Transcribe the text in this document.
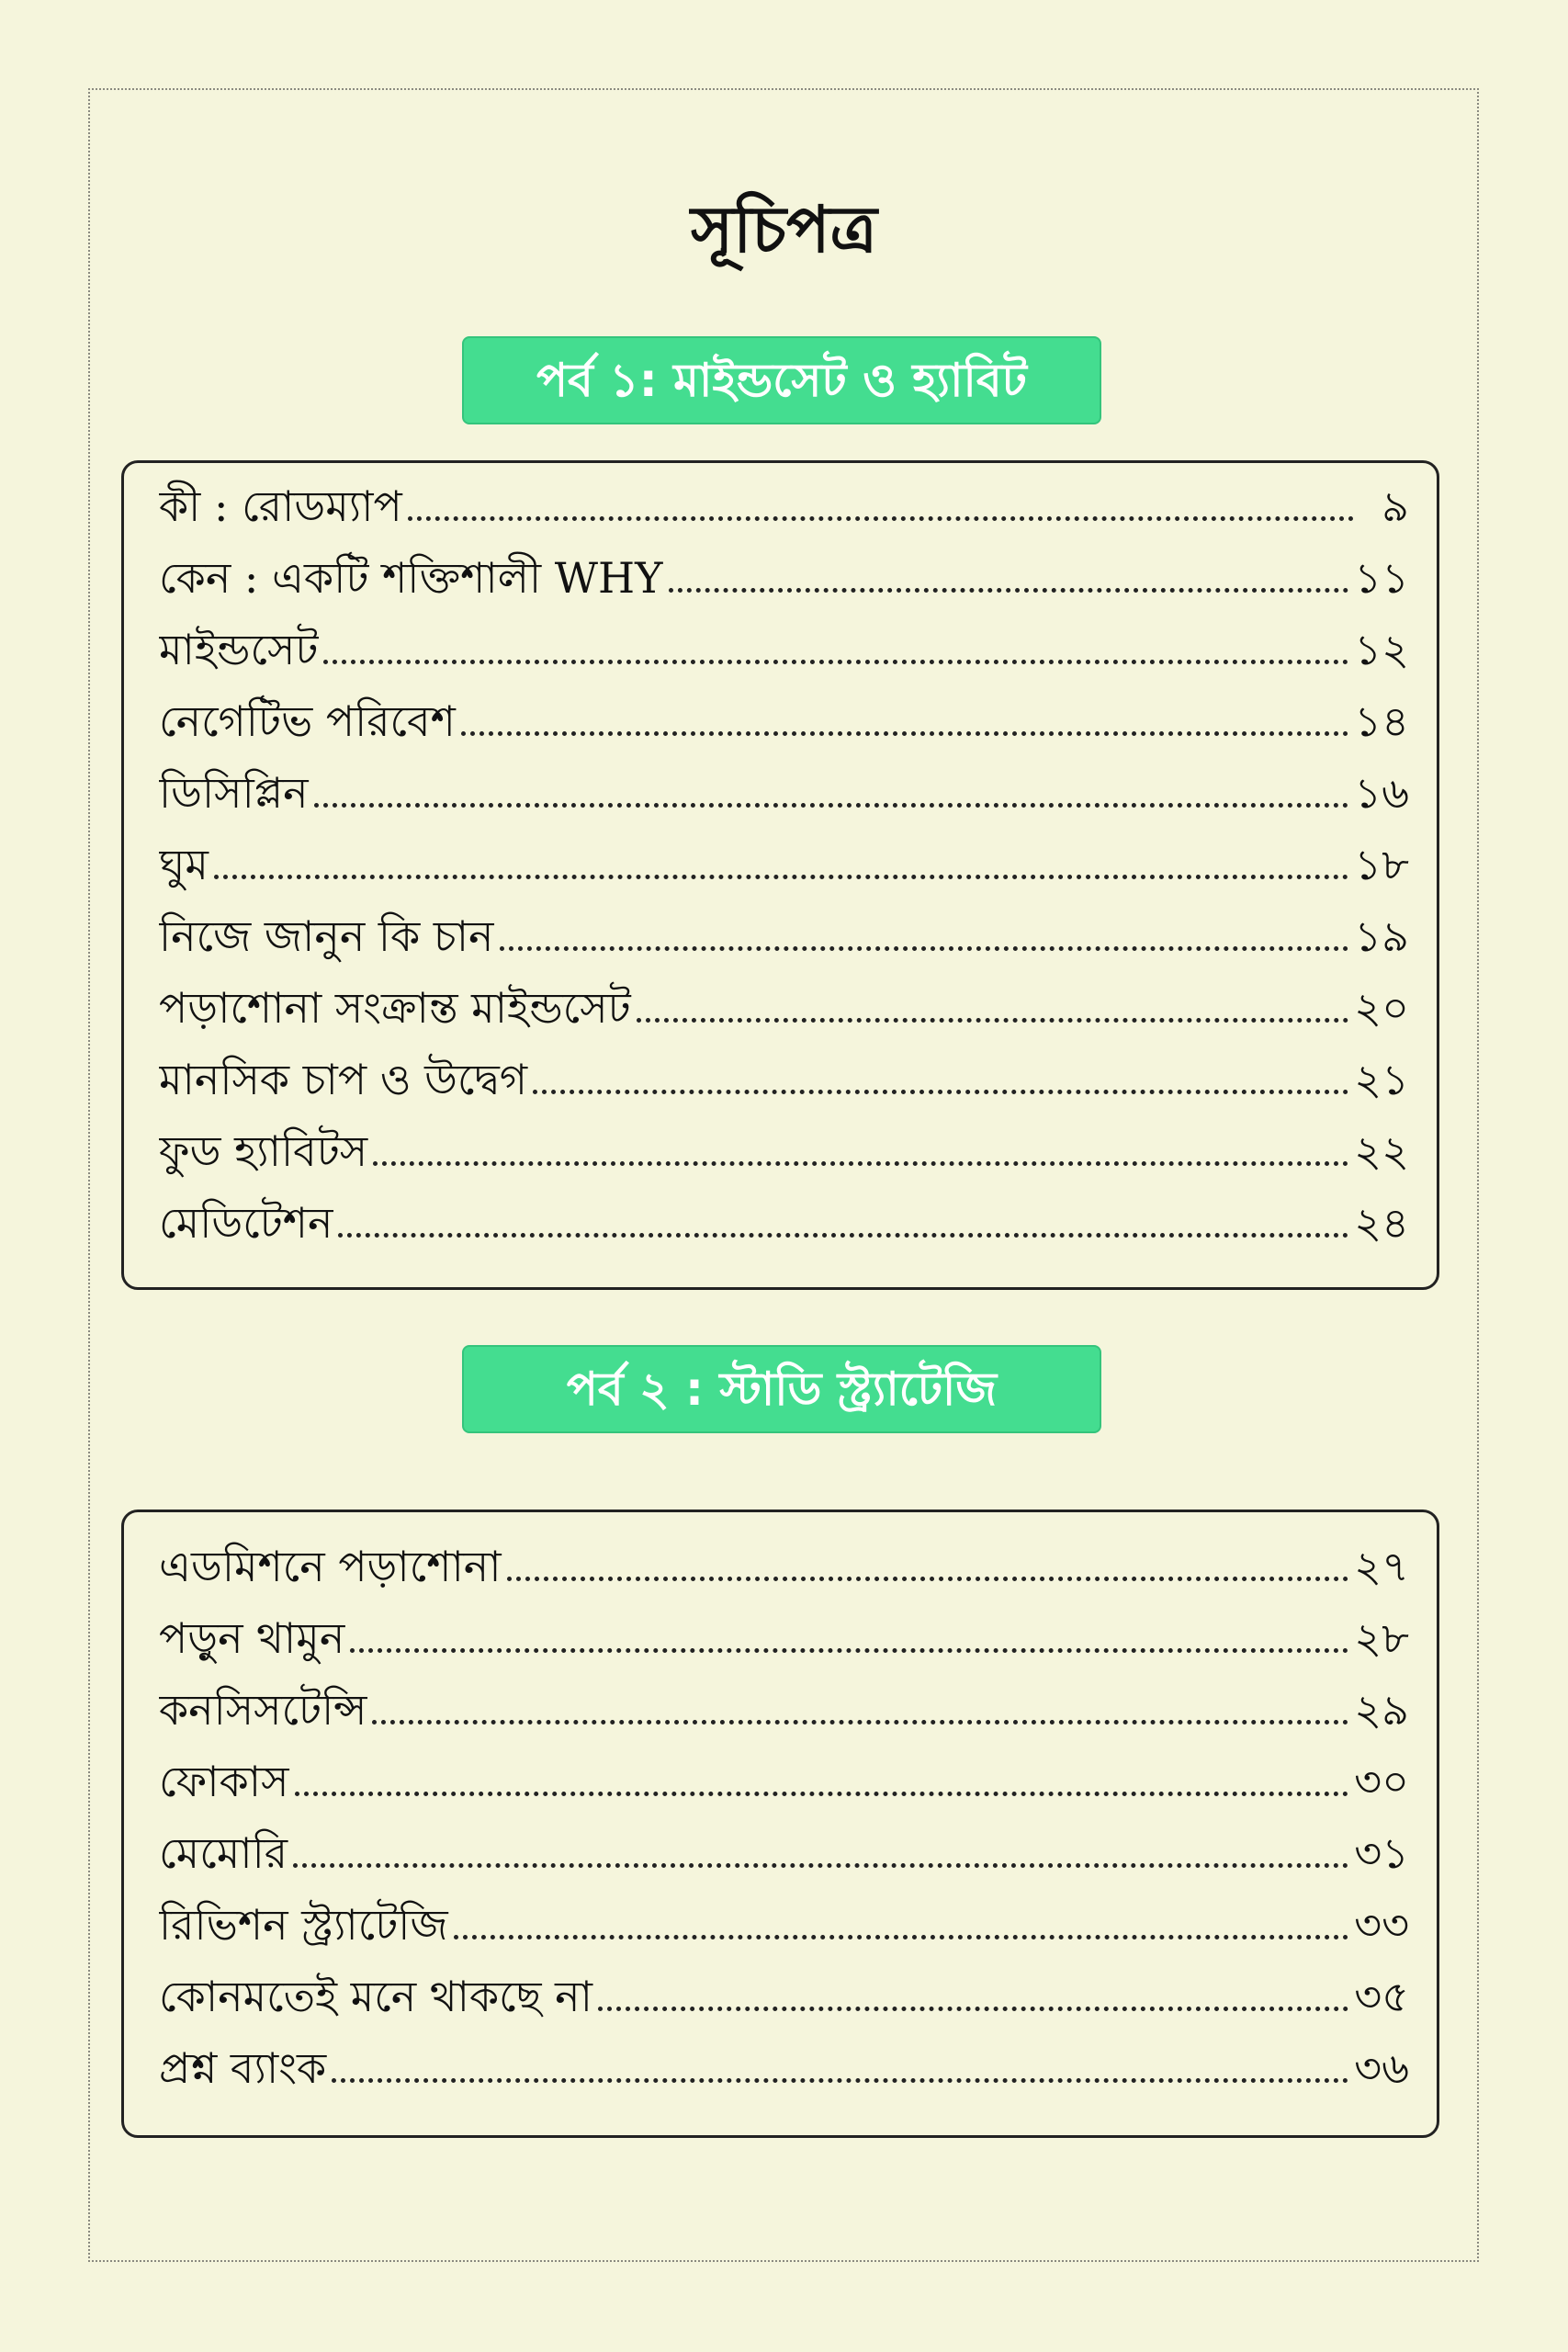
সূচিপত্র
পর্ব ১: মাইন্ডসেট ও হ্যাবিট
কী : রোডম্যাপ	৯
কেন : একটি শক্তিশালী WHY	১১
মাইন্ডসেট	১২
নেগেটিভ পরিবেশ	১৪
ডিসিপ্লিন	১৬
ঘুম	১৮
নিজে জানুন কি চান	১৯
পড়াশোনা সংক্রান্ত মাইন্ডসেট	২০
মানসিক চাপ ও উদ্বেগ	২১
ফুড হ্যাবিটস	২২
মেডিটেশন	২৪
পর্ব ২ : স্টাডি স্ট্র্যাটেজি
এডমিশনে পড়াশোনা	২৭
পড়ুন থামুন	২৮
কনসিসটেন্সি	২৯
ফোকাস	৩০
মেমোরি	৩১
রিভিশন স্ট্র্যাটেজি	৩৩
কোনমতেই মনে থাকছে না	৩৫
প্রশ্ন ব্যাংক	৩৬
